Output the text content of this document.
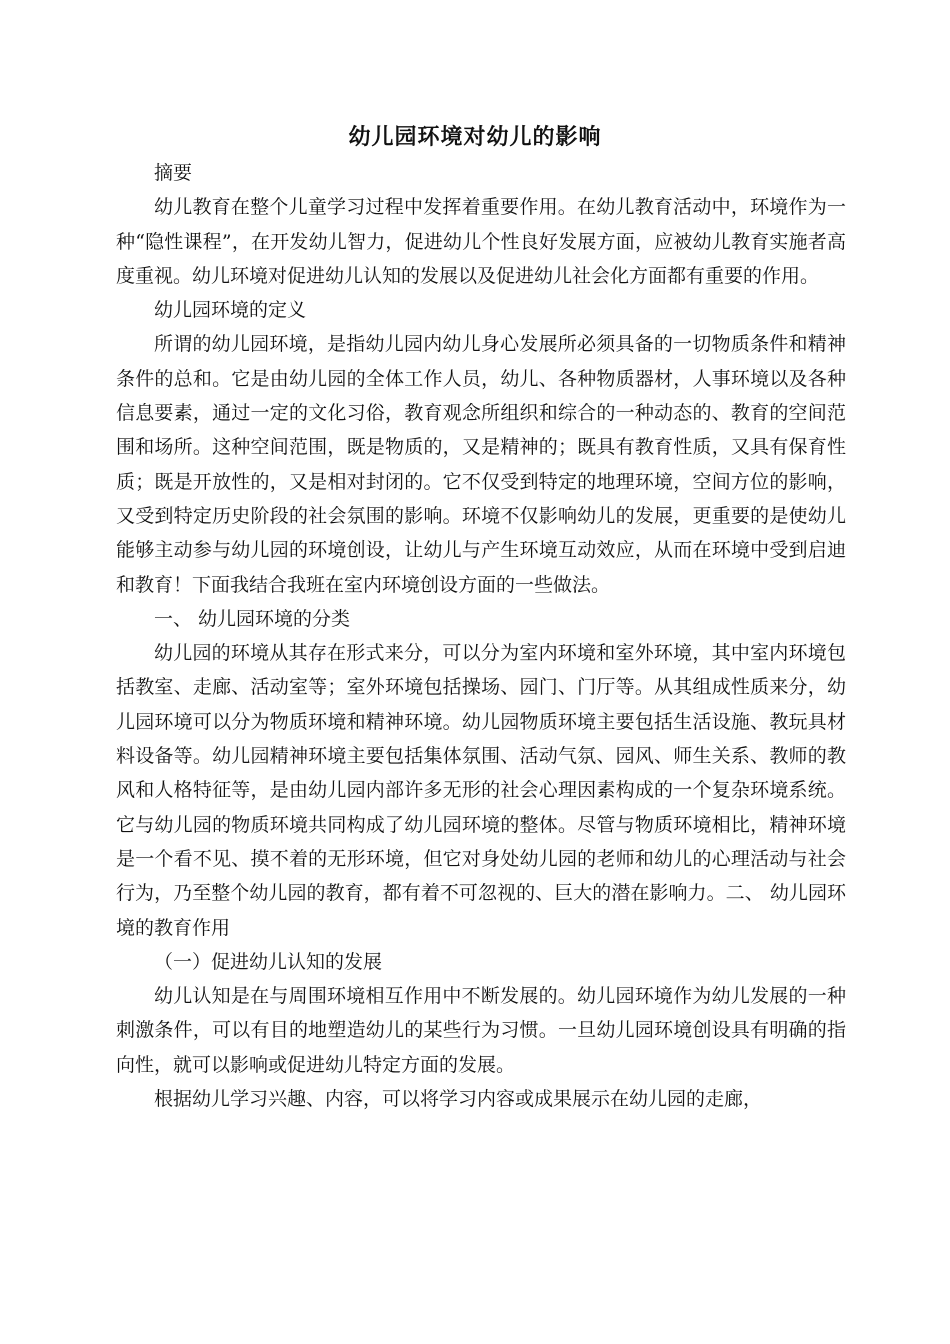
幼儿园环境对幼儿的影响

摘要

幼儿教育在整个儿童学习过程中发挥着重要作用。在幼儿教育活动中，环境作为一种“隐性课程”，在开发幼儿智力，促进幼儿个性良好发展方面，应被幼儿教育实施者高度重视。幼儿环境对促进幼儿认知的发展以及促进幼儿社会化方面都有重要的作用。

幼儿园环境的定义

所谓的幼儿园环境，是指幼儿园内幼儿身心发展所必须具备的一切物质条件和精神条件的总和。它是由幼儿园的全体工作人员，幼儿、各种物质器材，人事环境以及各种信息要素，通过一定的文化习俗，教育观念所组织和综合的一种动态的、教育的空间范围和场所。这种空间范围，既是物质的，又是精神的；既具有教育性质，又具有保育性质；既是开放性的，又是相对封闭的。它不仅受到特定的地理环境，空间方位的影响，又受到特定历史阶段的社会氛围的影响。环境不仅影响幼儿的发展，更重要的是使幼儿能够主动参与幼儿园的环境创设，让幼儿与产生环境互动效应，从而在环境中受到启迪和教育！下面我结合我班在室内环境创设方面的一些做法。

一、 幼儿园环境的分类

幼儿园的环境从其存在形式来分，可以分为室内环境和室外环境，其中室内环境包括教室、走廊、活动室等；室外环境包括操场、园门、门厅等。从其组成性质来分，幼儿园环境可以分为物质环境和精神环境。幼儿园物质环境主要包括生活设施、教玩具材料设备等。幼儿园精神环境主要包括集体氛围、活动气氛、园风、师生关系、教师的教风和人格特征等，是由幼儿园内部许多无形的社会心理因素构成的一个复杂环境系统。它与幼儿园的物质环境共同构成了幼儿园环境的整体。尽管与物质环境相比，精神环境是一个看不见、摸不着的无形环境，但它对身处幼儿园的老师和幼儿的心理活动与社会行为，乃至整个幼儿园的教育，都有着不可忽视的、巨大的潜在影响力。二、 幼儿园环境的教育作用

（一）促进幼儿认知的发展

幼儿认知是在与周围环境相互作用中不断发展的。幼儿园环境作为幼儿发展的一种刺激条件，可以有目的地塑造幼儿的某些行为习惯。一旦幼儿园环境创设具有明确的指向性，就可以影响或促进幼儿特定方面的发展。

根据幼儿学习兴趣、内容，可以将学习内容或成果展示在幼儿园的走廊，
